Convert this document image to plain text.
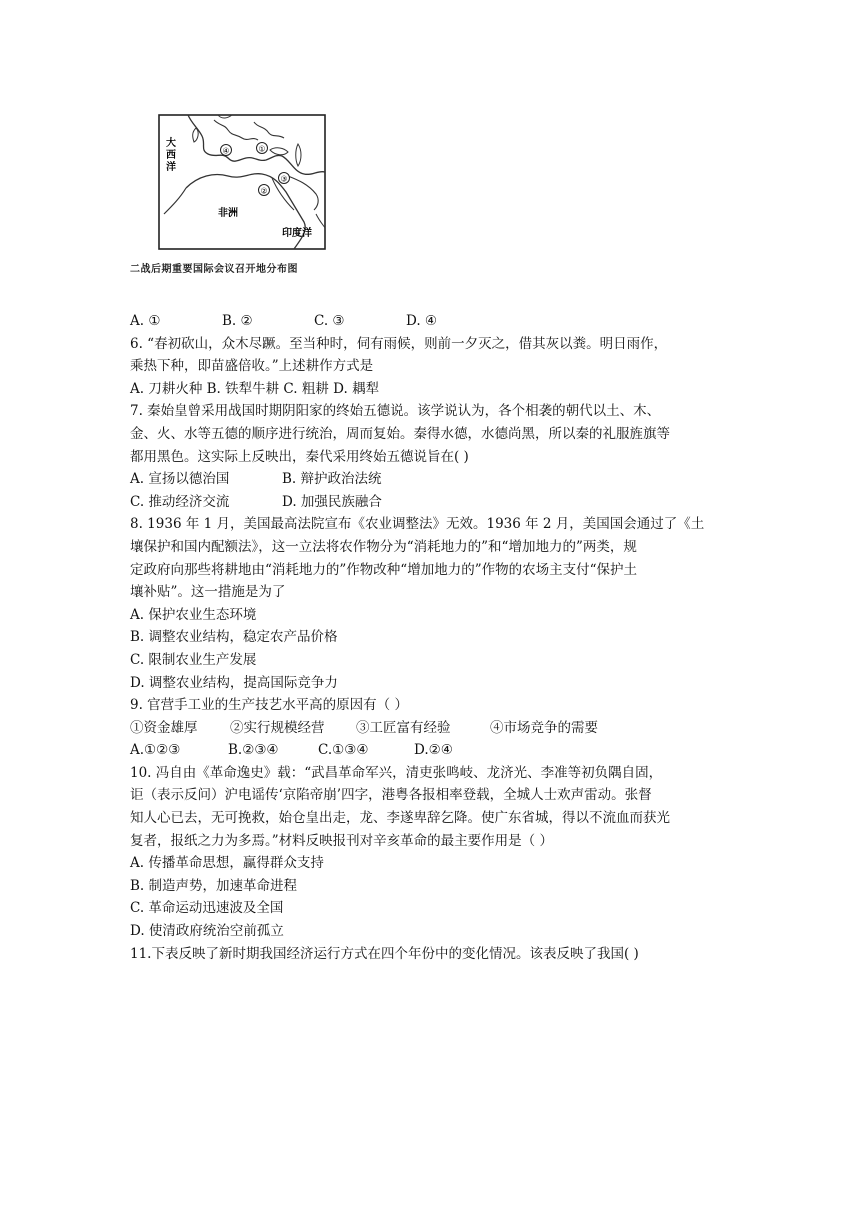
④	①
②
③
大
西
洋
非洲
印度洋
二战后期重要国际会议召开地分布图
A. ①	B. ②	C. ③	D. ④
6. “春初砍山，众木尽蹶。至当种时，伺有雨候，则前一夕灭之，借其灰以粪。明日雨作，
乘热下种，即苗盛倍收。”上述耕作方式是
A. 刀耕火种 B. 铁犁牛耕 C. 粗耕 D. 耦犁
7. 秦始皇曾采用战国时期阴阳家的终始五德说。该学说认为，各个相袭的朝代以土、木、
金、火、水等五德的顺序进行统治，周而复始。秦得水德，水德尚黑，所以秦的礼服旌旗等
都用黑色。这实际上反映出，秦代采用终始五德说旨在( )
A. 宣扬以德治国	B. 辩护政治法统
C. 推动经济交流	D. 加强民族融合
8. 1936 年 1 月，美国最高法院宣布《农业调整法》无效。1936 年 2 月，美国国会通过了《土
壤保护和国内配额法》，这一立法将农作物分为“消耗地力的”和“增加地力的”两类，规
定政府向那些将耕地由“消耗地力的”作物改种“增加地力的”作物的农场主支付“保护土
壤补贴”。这一措施是为了
A. 保护农业生态环境
B. 调整农业结构，稳定农产品价格
C. 限制农业生产发展
D. 调整农业结构，提高国际竞争力
9. 官营手工业的生产技艺水平高的原因有（ ）
①资金雄厚 ②实行规模经营 ③工匠富有经验	④市场竞争的需要
A.①②③	B.②③④	C.①③④	D.②④
10. 冯自由《革命逸史》载：“武昌革命军兴，清吏张鸣岐、龙济光、李准等初负隅自固，
讵（表示反问）沪电谣传‘京陷帝崩’四字，港粤各报相率登载，全城人士欢声雷动。张督
知人心已去，无可挽救，始仓皇出走，龙、李遂卑辞乞降。使广东省城，得以不流血而获光
复者，报纸之力为多焉。”材料反映报刊对辛亥革命的最主要作用是（ ）
A. 传播革命思想，赢得群众支持
B. 制造声势，加速革命进程
C. 革命运动迅速波及全国
D. 使清政府统治空前孤立
11.下表反映了新时期我国经济运行方式在四个年份中的变化情况。该表反映了我国( )
